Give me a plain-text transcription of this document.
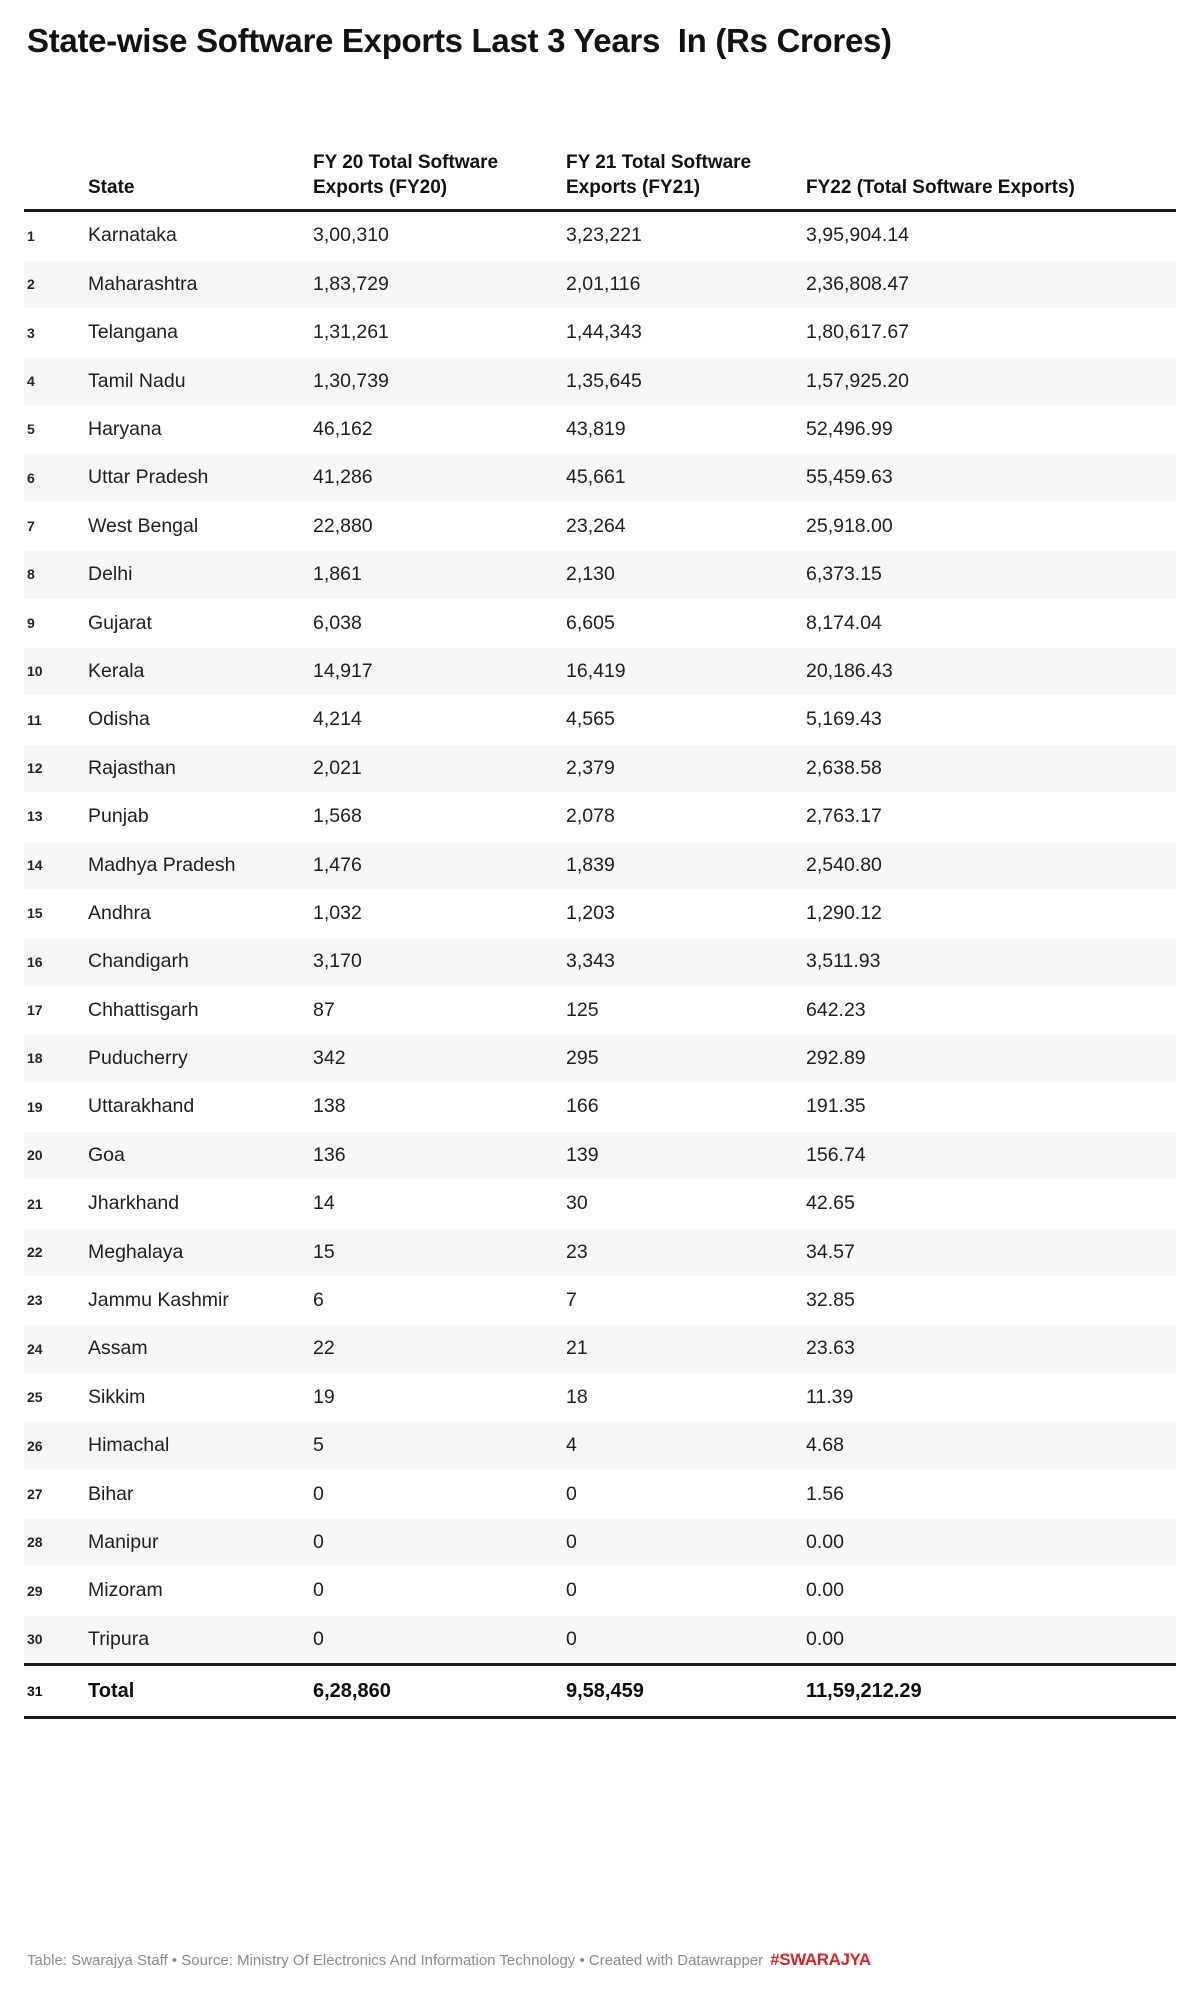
State-wise Software Exports Last 3 Years  In (Rs Crores)
	State	FY 20 Total Software Exports (FY20)	FY 21 Total Software Exports (FY21)	FY22 (Total Software Exports)
1	Karnataka	3,00,310	3,23,221	3,95,904.14
2	Maharashtra	1,83,729	2,01,116	2,36,808.47
3	Telangana	1,31,261	1,44,343	1,80,617.67
4	Tamil Nadu	1,30,739	1,35,645	1,57,925.20
5	Haryana	46,162	43,819	52,496.99
6	Uttar Pradesh	41,286	45,661	55,459.63
7	West Bengal	22,880	23,264	25,918.00
8	Delhi	1,861	2,130	6,373.15
9	Gujarat	6,038	6,605	8,174.04
10	Kerala	14,917	16,419	20,186.43
11	Odisha	4,214	4,565	5,169.43
12	Rajasthan	2,021	2,379	2,638.58
13	Punjab	1,568	2,078	2,763.17
14	Madhya Pradesh	1,476	1,839	2,540.80
15	Andhra	1,032	1,203	1,290.12
16	Chandigarh	3,170	3,343	3,511.93
17	Chhattisgarh	87	125	642.23
18	Puducherry	342	295	292.89
19	Uttarakhand	138	166	191.35
20	Goa	136	139	156.74
21	Jharkhand	14	30	42.65
22	Meghalaya	15	23	34.57
23	Jammu Kashmir	6	7	32.85
24	Assam	22	21	23.63
25	Sikkim	19	18	11.39
26	Himachal	5	4	4.68
27	Bihar	0	0	1.56
28	Manipur	0	0	0.00
29	Mizoram	0	0	0.00
30	Tripura	0	0	0.00
31	Total	6,28,860	9,58,459	11,59,212.29
Table: Swarajya Staff • Source: Ministry Of Electronics And Information Technology • Created with Datawrapper #SWARAJYA
